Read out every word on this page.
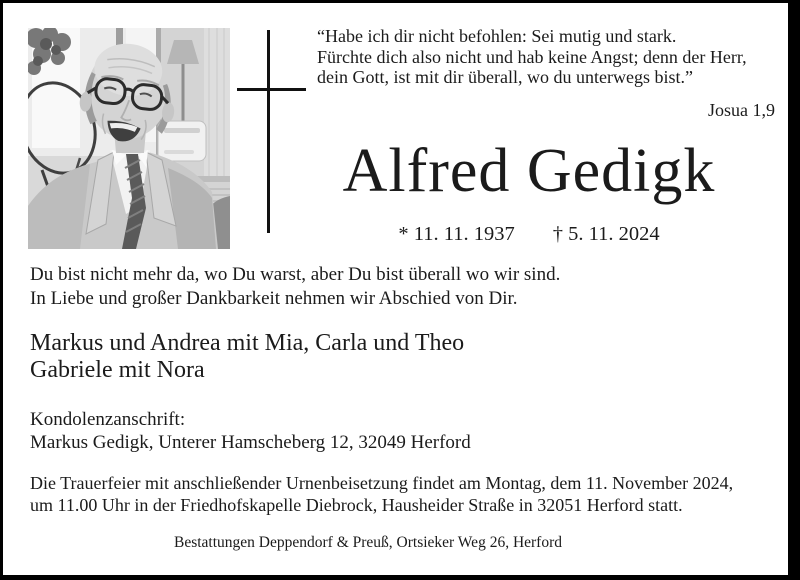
“Habe ich dir nicht befohlen: Sei mutig und stark.
Fürchte dich also nicht und hab keine Angst; denn der Herr,
dein Gott, ist mit dir überall, wo du unterwegs bist.”
Josua 1,9
Alfred Gedigk
* 11. 11. 1937 † 5. 11. 2024
Du bist nicht mehr da, wo Du warst, aber Du bist überall wo wir sind.
In Liebe und großer Dankbarkeit nehmen wir Abschied von Dir.
Markus und Andrea mit Mia, Carla und Theo
Gabriele mit Nora
Kondolenzanschrift:
Markus Gedigk, Unterer Hamscheberg 12, 32049 Herford
Die Trauerfeier mit anschließender Urnenbeisetzung findet am Montag, dem 11. November 2024,
um 11.00 Uhr in der Friedhofskapelle Diebrock, Hausheider Straße in 32051 Herford statt.
Bestattungen Deppendorf & Preuß, Ortsieker Weg 26, Herford
